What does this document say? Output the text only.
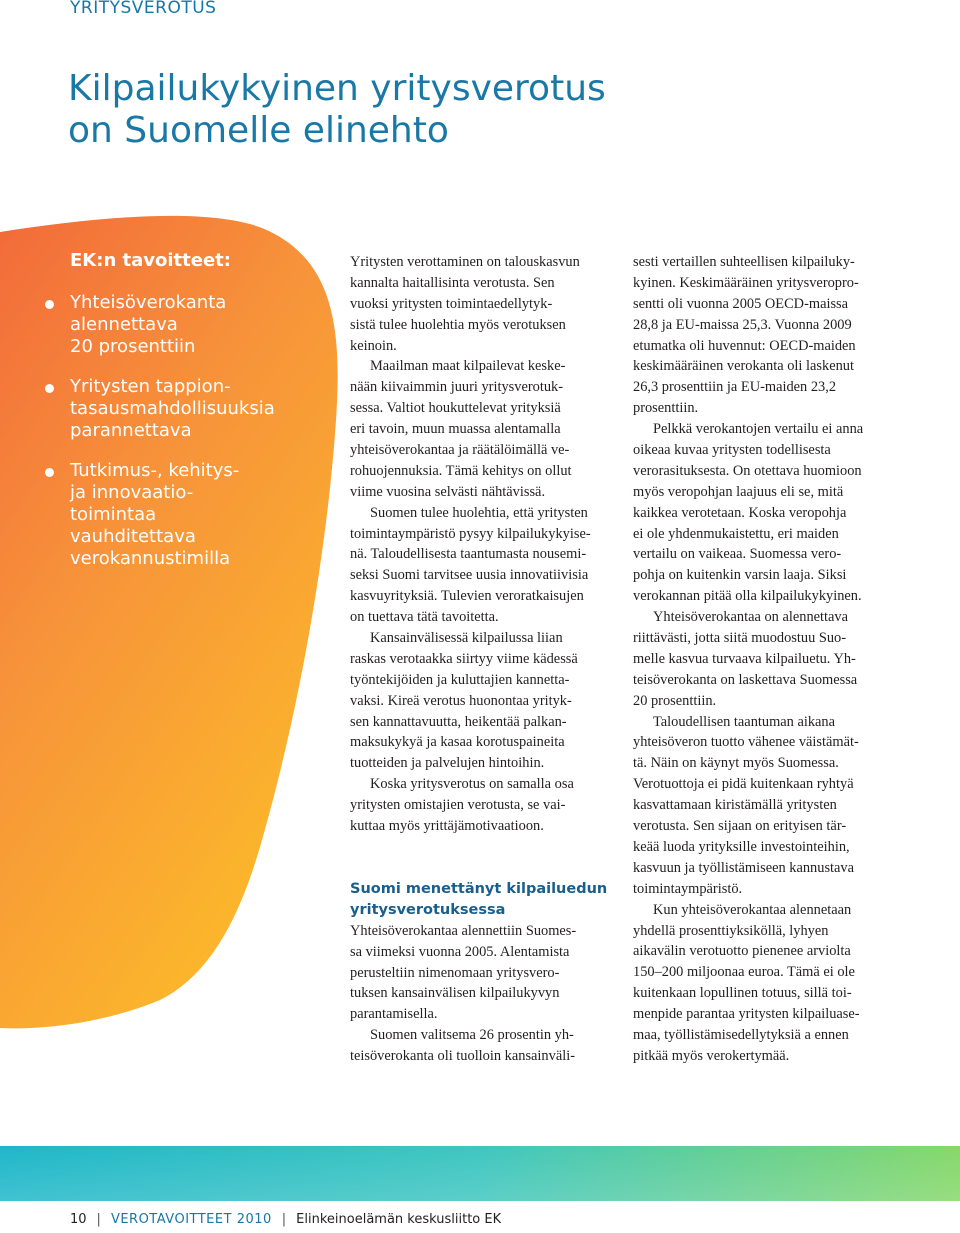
YRITYSVEROTUS
Kilpailukykyinen yritysverotus
on Suomelle elinehto
EK:n tavoitteet:
Yhteisöverokanta
alennettava
20 prosenttiin
Yritysten tappion-
tasausmahdollisuuksia
parannettava
Tutkimus-, kehitys-
ja innovaatio-
toimintaa
vauhditettava
verokannustimilla
Yritysten verottaminen on talouskasvun
kannalta haitallisinta verotusta. Sen
vuoksi yritysten toimintaedellytyk-
sistä tulee huolehtia myös verotuksen
keinoin.
Maailman maat kilpailevat keske-
nään kiivaimmin juuri yritysverotuk-
sessa. Valtiot houkuttelevat yrityksiä
eri tavoin, muun muassa alentamalla
yhteisöverokantaa ja räätälöimällä ve-
rohuojennuksia. Tämä kehitys on ollut
viime vuosina selvästi nähtävissä.
Suomen tulee huolehtia, että yritysten
toimintaympäristö pysyy kilpailukykyise-
nä. Taloudellisesta taantumasta nousemi-
seksi Suomi tarvitsee uusia innovatiivisia
kasvuyrityksiä. Tulevien veroratkaisujen
on tuettava tätä tavoitetta.
Kansainvälisessä kilpailussa liian
raskas verotaakka siirtyy viime kädessä
työntekijöiden ja kuluttajien kannetta-
vaksi. Kireä verotus huonontaa yrityk-
sen kannattavuutta, heikentää palkan-
maksukykyä ja kasaa korotuspaineita
tuotteiden ja palvelujen hintoihin.
Koska yritysverotus on samalla osa
yritysten omistajien verotusta, se vai-
kuttaa myös yrittäjämotivaatioon.
Suomi menettänyt kilpailuedun
yritysverotuksessa
Yhteisöverokantaa alennettiin Suomes-
sa viimeksi vuonna 2005. Alentamista
perusteltiin nimenomaan yritysvero-
tuksen kansainvälisen kilpailukyvyn
parantamisella.
Suomen valitsema 26 prosentin yh-
teisöverokanta oli tuolloin kansainväli-
sesti vertaillen suhteellisen kilpailuky-
kyinen. Keskimääräinen yritysveropro-
sentti oli vuonna 2005 OECD-maissa
28,8 ja EU-maissa 25,3. Vuonna 2009
etumatka oli huvennut: OECD-maiden
keskimääräinen verokanta oli laskenut
26,3 prosenttiin ja EU-maiden 23,2
prosenttiin.
Pelkkä verokantojen vertailu ei anna
oikeaa kuvaa yritysten todellisesta
verorasituksesta. On otettava huomioon
myös veropohjan laajuus eli se, mitä
kaikkea verotetaan. Koska veropohja
ei ole yhdenmukaistettu, eri maiden
vertailu on vaikeaa. Suomessa vero-
pohja on kuitenkin varsin laaja. Siksi
verokannan pitää olla kilpailukykyinen.
Yhteisöverokantaa on alennettava
riittävästi, jotta siitä muodostuu Suo-
melle kasvua turvaava kilpailuetu. Yh-
teisöverokanta on laskettava Suomessa
20 prosenttiin.
Taloudellisen taantuman aikana
yhteisöveron tuotto vähenee väistämät-
tä. Näin on käynyt myös Suomessa.
Verotuottoja ei pidä kuitenkaan ryhtyä
kasvattamaan kiristämällä yritysten
verotusta. Sen sijaan on erityisen tär-
keää luoda yrityksille investointeihin,
kasvuun ja työllistämiseen kannustava
toimintaympäristö.
Kun yhteisöverokantaa alennetaan
yhdellä prosenttiyksiköllä, lyhyen
aikavälin verotuotto pienenee arviolta
150–200 miljoonaa euroa. Tämä ei ole
kuitenkaan lopullinen totuus, sillä toi-
menpide parantaa yritysten kilpailuase-
maa, työllistämisedellytyksiä a ennen
pitkää myös verokertymää.
10 | VEROTAVOITTEET 2010 | Elinkeinoelämän keskusliitto EK
